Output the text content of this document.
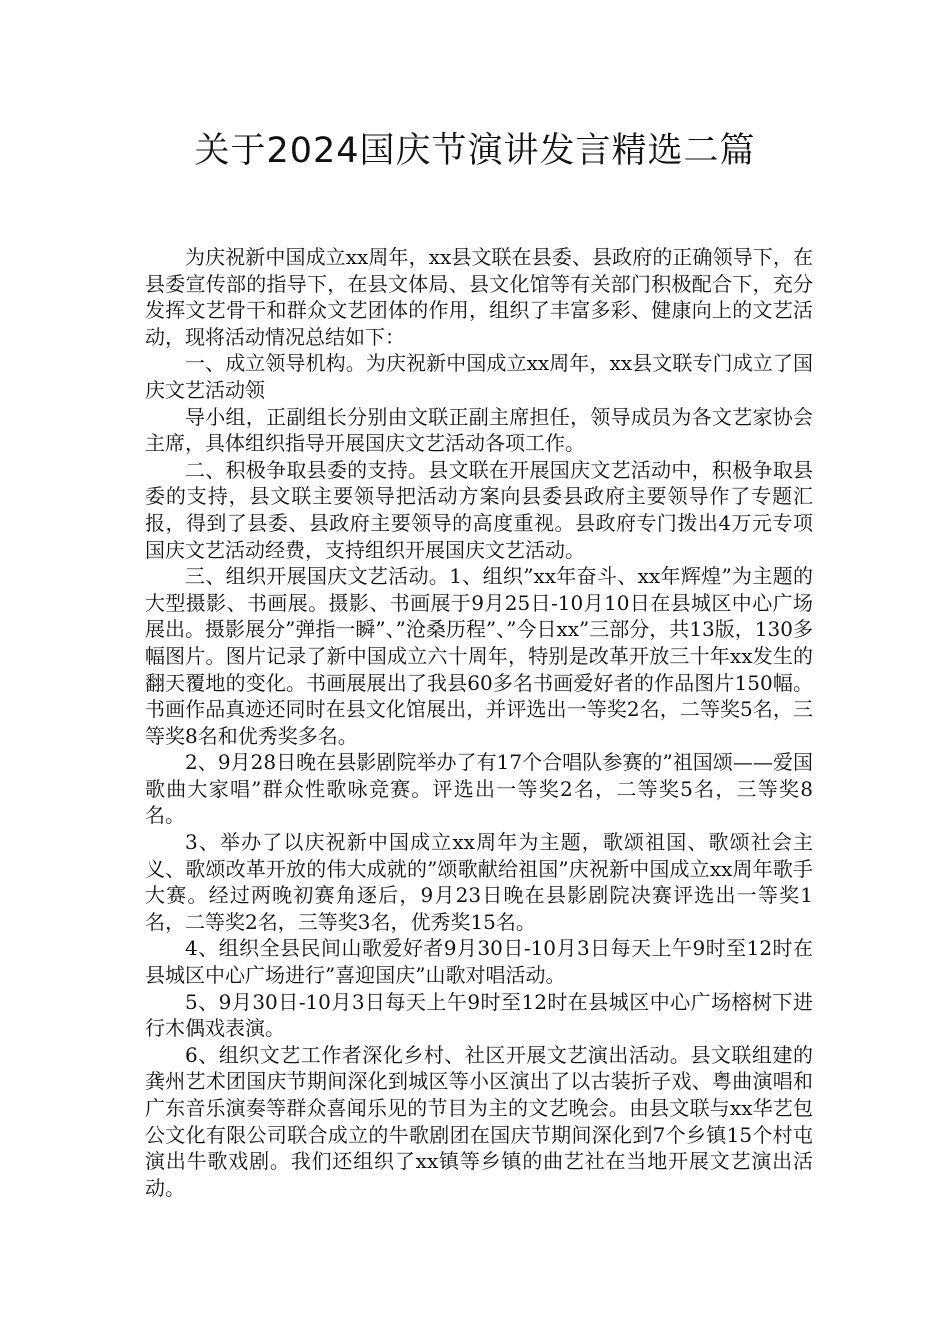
关于2024国庆节演讲发言精选二篇

为庆祝新中国成立xx周年，xx县文联在县委、县政府的正确领导下，在县委宣传部的指导下，在县文体局、县文化馆等有关部门积极配合下，充分发挥文艺骨干和群众文艺团体的作用，组织了丰富多彩、健康向上的文艺活动，现将活动情况总结如下：

一、成立领导机构。为庆祝新中国成立xx周年，xx县文联专门成立了国庆文艺活动领

导小组，正副组长分别由文联正副主席担任，领导成员为各文艺家协会主席，具体组织指导开展国庆文艺活动各项工作。

二、积极争取县委的支持。县文联在开展国庆文艺活动中，积极争取县委的支持，县文联主要领导把活动方案向县委县政府主要领导作了专题汇报，得到了县委、县政府主要领导的高度重视。县政府专门拨出4万元专项国庆文艺活动经费，支持组织开展国庆文艺活动。

三、组织开展国庆文艺活动。1、组织”xx年奋斗、xx年辉煌”为主题的大型摄影、书画展。摄影、书画展于9月25日-10月10日在县城区中心广场展出。摄影展分”弹指一瞬”、”沧桑历程”、”今日xx”三部分，共13版，130多幅图片。图片记录了新中国成立六十周年，特别是改革开放三十年xx发生的翻天覆地的变化。书画展展出了我县60多名书画爱好者的作品图片150幅。书画作品真迹还同时在县文化馆展出，并评选出一等奖2名，二等奖5名，三等奖8名和优秀奖多名。

2、9月28日晚在县影剧院举办了有17个合唱队参赛的”祖国颂——爱国歌曲大家唱”群众性歌咏竞赛。评选出一等奖2名，二等奖5名，三等奖8名。

3、举办了以庆祝新中国成立xx周年为主题，歌颂祖国、歌颂社会主义、歌颂改革开放的伟大成就的”颂歌献给祖国”庆祝新中国成立xx周年歌手大赛。经过两晚初赛角逐后，9月23日晚在县影剧院决赛评选出一等奖1名，二等奖2名，三等奖3名，优秀奖15名。

4、组织全县民间山歌爱好者9月30日-10月3日每天上午9时至12时在县城区中心广场进行”喜迎国庆”山歌对唱活动。

5、9月30日-10月3日每天上午9时至12时在县城区中心广场榕树下进行木偶戏表演。

6、组织文艺工作者深化乡村、社区开展文艺演出活动。县文联组建的龚州艺术团国庆节期间深化到城区等小区演出了以古装折子戏、粤曲演唱和广东音乐演奏等群众喜闻乐见的节目为主的文艺晚会。由县文联与xx华艺包公文化有限公司联合成立的牛歌剧团在国庆节期间深化到7个乡镇15个村屯演出牛歌戏剧。我们还组织了xx镇等乡镇的曲艺社在当地开展文艺演出活动。
